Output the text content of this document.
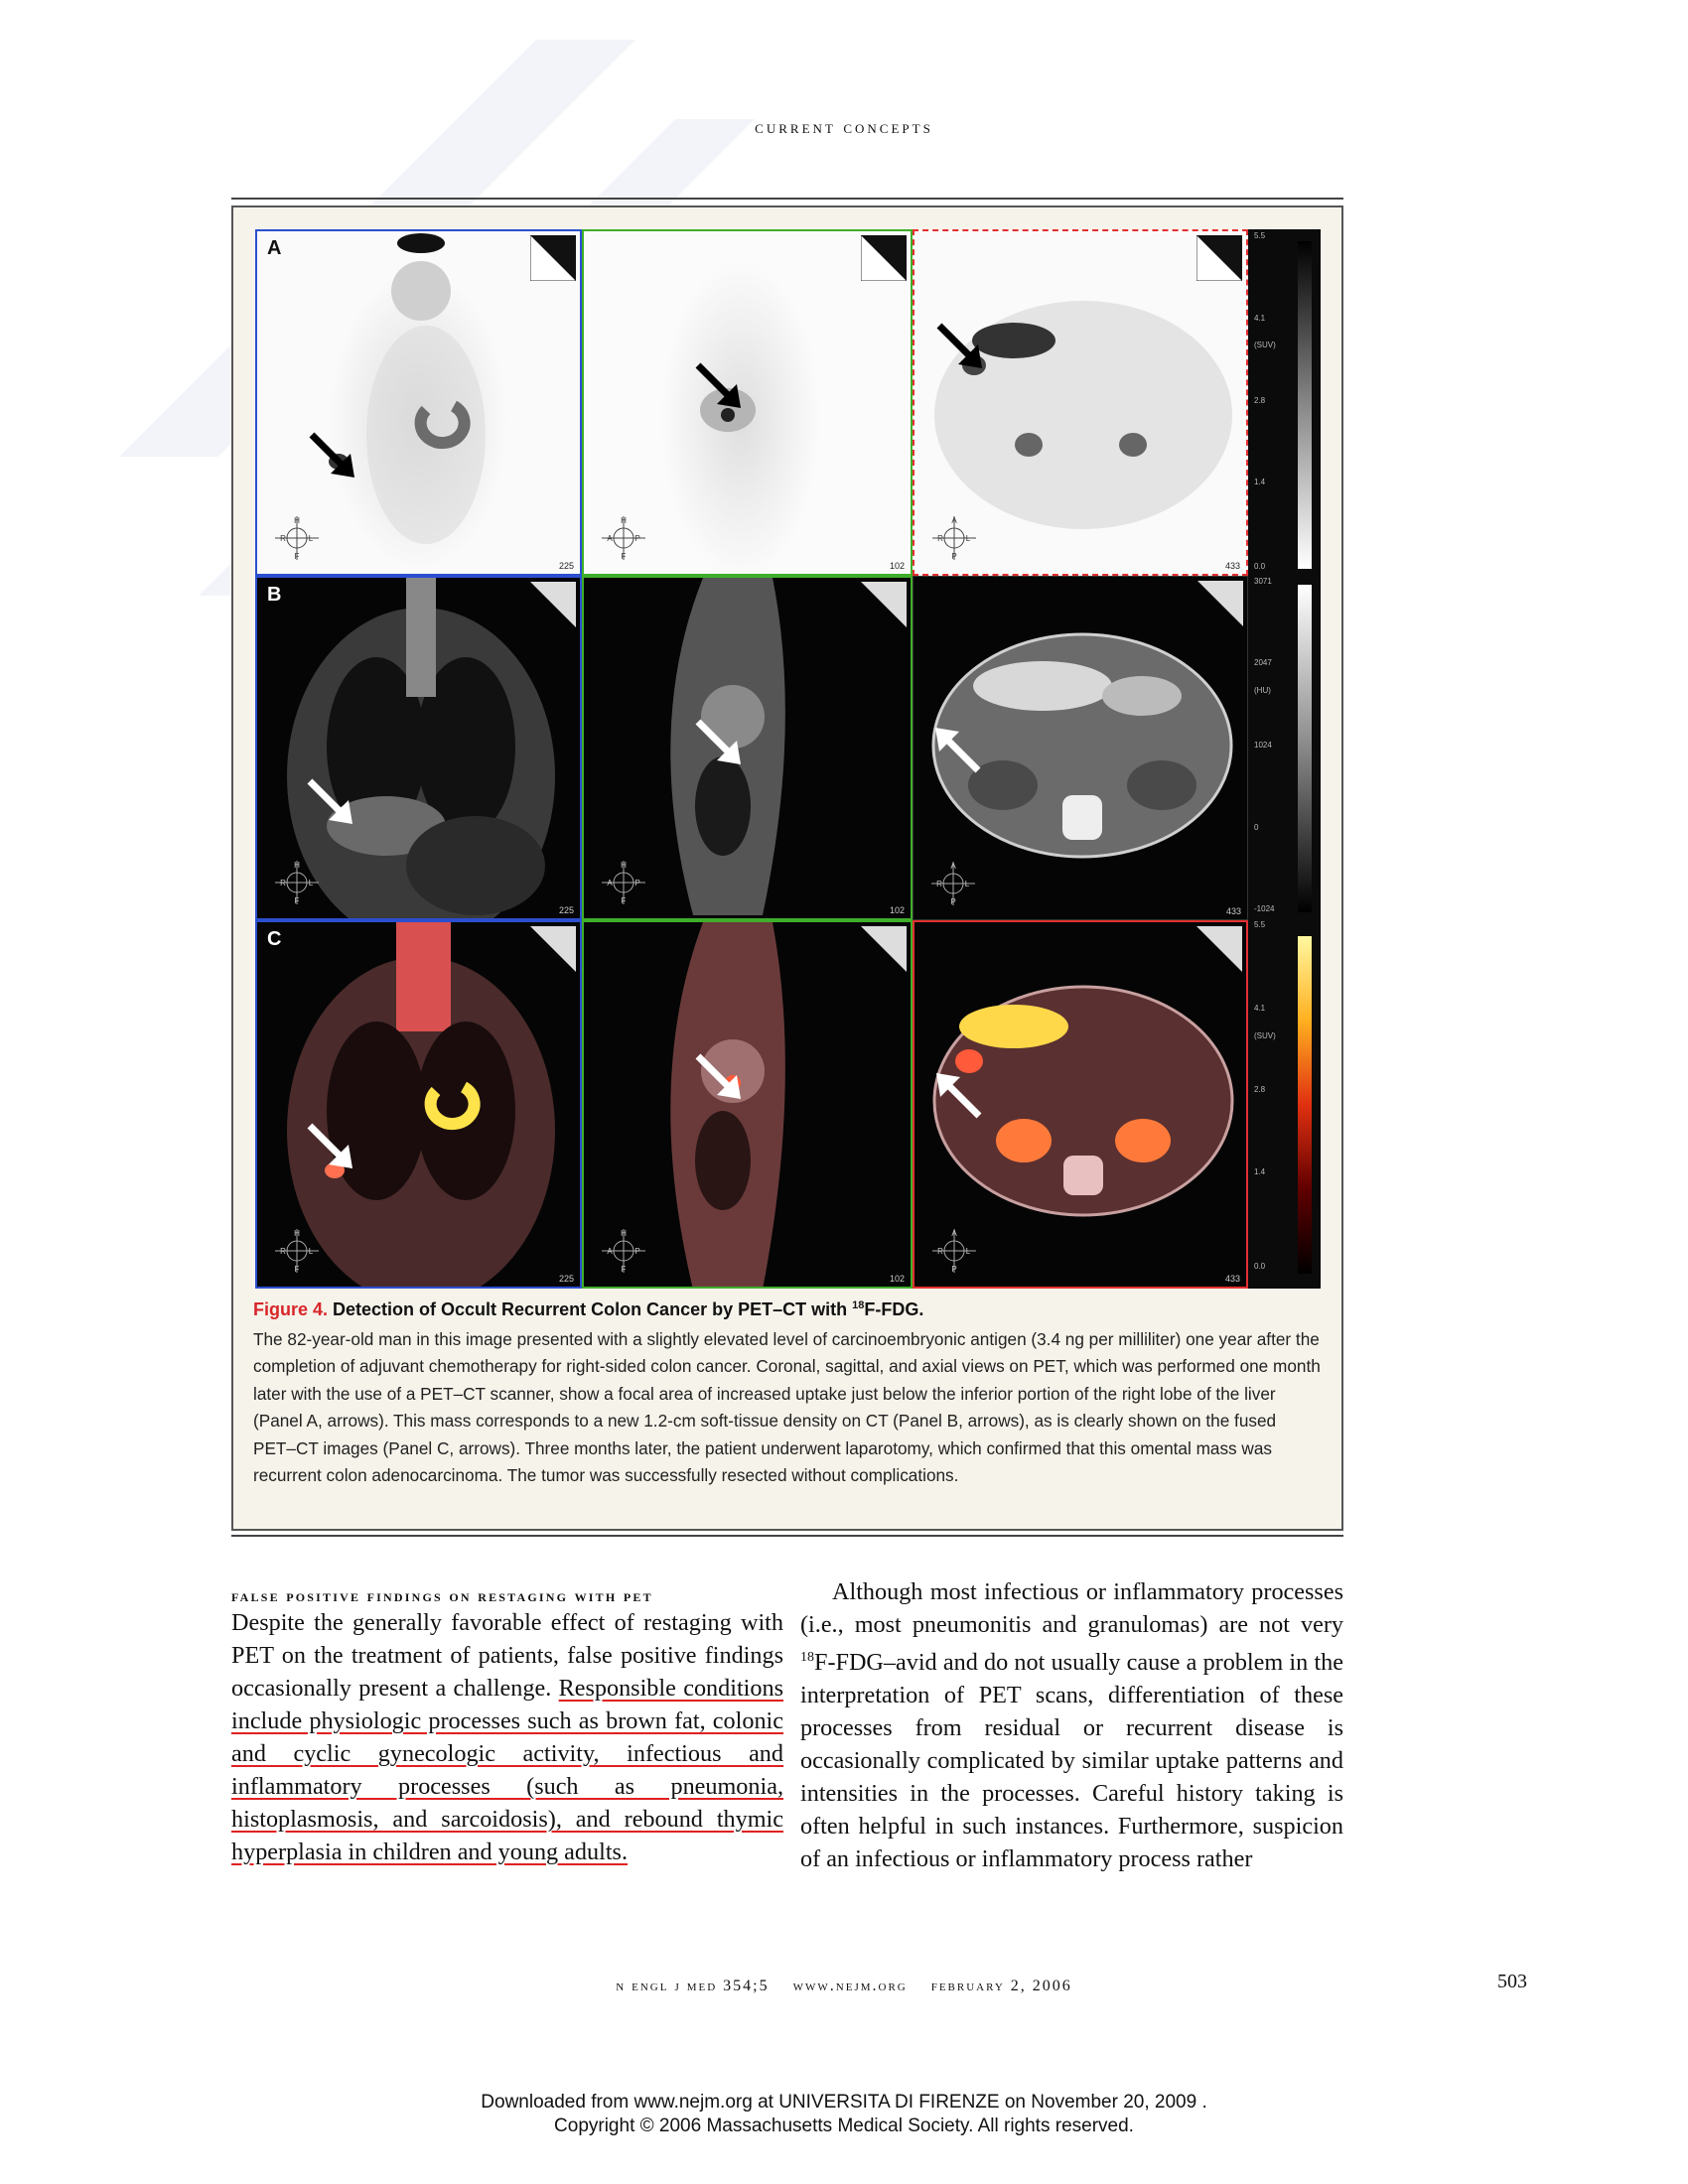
current concepts
A
H
R	L
F
225
H
A	P
F
102
A
R	L
P
433
B
H
R	L
F
225
H
A	P
F
102
A
R	L
P
433
C
H
R	L
F
225
H
A	P
F
102
A
R	L
P
433
5.5
4.1
(SUV)
2.8
1.4
0.0
3071
2047
(HU)
1024
0
-1024
5.5
4.1
(SUV)
2.8
1.4
0.0
Figure 4. Detection of Occult Recurrent Colon Cancer by PET–CT with $^{18}$F-FDG.
The 82-year-old man in this image presented with a slightly elevated level of carcinoembryonic antigen (3.4 ng per milliliter) one year after the completion of adjuvant chemotherapy for right-sided colon cancer. Coronal, sagittal, and axial views on PET, which was performed one month later with the use of a PET–CT scanner, show a focal area of increased uptake just below the inferior portion of the right lobe of the liver (Panel A, arrows). This mass corresponds to a new 1.2-cm soft-tissue density on CT (Panel B, arrows), as is clearly shown on the fused PET–CT images (Panel C, arrows). Three months later, the patient underwent laparotomy, which confirmed that this omental mass was recurrent colon adenocarcinoma. The tumor was successfully resected without complications.
false positive findings on restaging with pet
Despite the generally favorable effect of restaging with PET on the treatment of patients, false positive findings occasionally present a challenge. Responsible conditions include physiologic processes such as brown fat, colonic and cyclic gynecologic activity, infectious and inflammatory processes (such as pneumonia, histoplasmosis, and sarcoidosis), and rebound thymic hyperplasia in children and young adults.
Although most infectious or inflammatory processes (i.e., most pneumonitis and granulomas) are not very $^{18}$F-FDG–avid and do not usually cause a problem in the interpretation of PET scans, differentiation of these processes from residual or recurrent disease is occasionally complicated by similar uptake patterns and intensities in the processes. Careful history taking is often helpful in such instances. Furthermore, suspicion of an infectious or inflammatory process rather
n engl j med 354;5    www.nejm.org    february 2, 2006	503
Downloaded from www.nejm.org at UNIVERSITA DI FIRENZE on November 20, 2009 .
Copyright © 2006 Massachusetts Medical Society. All rights reserved.
